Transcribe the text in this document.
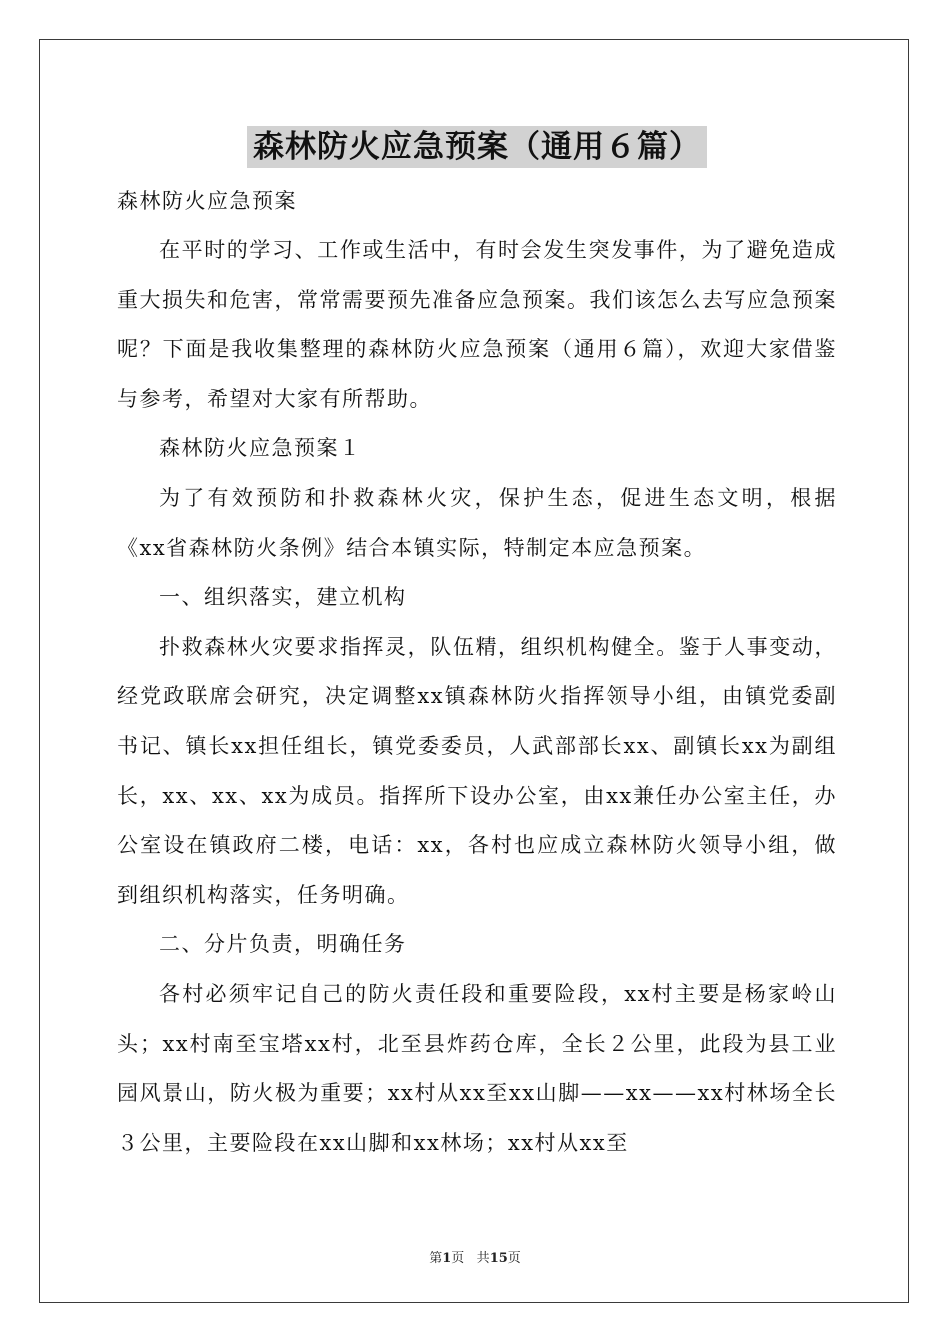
森林防火应急预案（通用６篇）

森林防火应急预案

在平时的学习、工作或生活中，有时会发生突发事件，为了避免造成重大损失和危害，常常需要预先准备应急预案。我们该怎么去写应急预案呢？下面是我收集整理的森林防火应急预案（通用６篇），欢迎大家借鉴与参考，希望对大家有所帮助。

森林防火应急预案１

为了有效预防和扑救森林火灾，保护生态，促进生态文明，根据《xx省森林防火条例》结合本镇实际，特制定本应急预案。

一、组织落实，建立机构

扑救森林火灾要求指挥灵，队伍精，组织机构健全。鉴于人事变动，经党政联席会研究，决定调整xx镇森林防火指挥领导小组，由镇党委副书记、镇长xx担任组长，镇党委委员，人武部部长xx、副镇长xx为副组长，xx、xx、xx为成员。指挥所下设办公室，由xx兼任办公室主任，办公室设在镇政府二楼，电话：xx，各村也应成立森林防火领导小组，做到组织机构落实，任务明确。

二、分片负责，明确任务

各村必须牢记自己的防火责任段和重要险段，xx村主要是杨家岭山头；xx村南至宝塔xx村，北至县炸药仓库，全长２公里，此段为县工业园风景山，防火极为重要；xx村从xx至xx山脚——xx——xx村林场全长３公里，主要险段在xx山脚和xx林场；xx村从xx至

第1页 共15页
